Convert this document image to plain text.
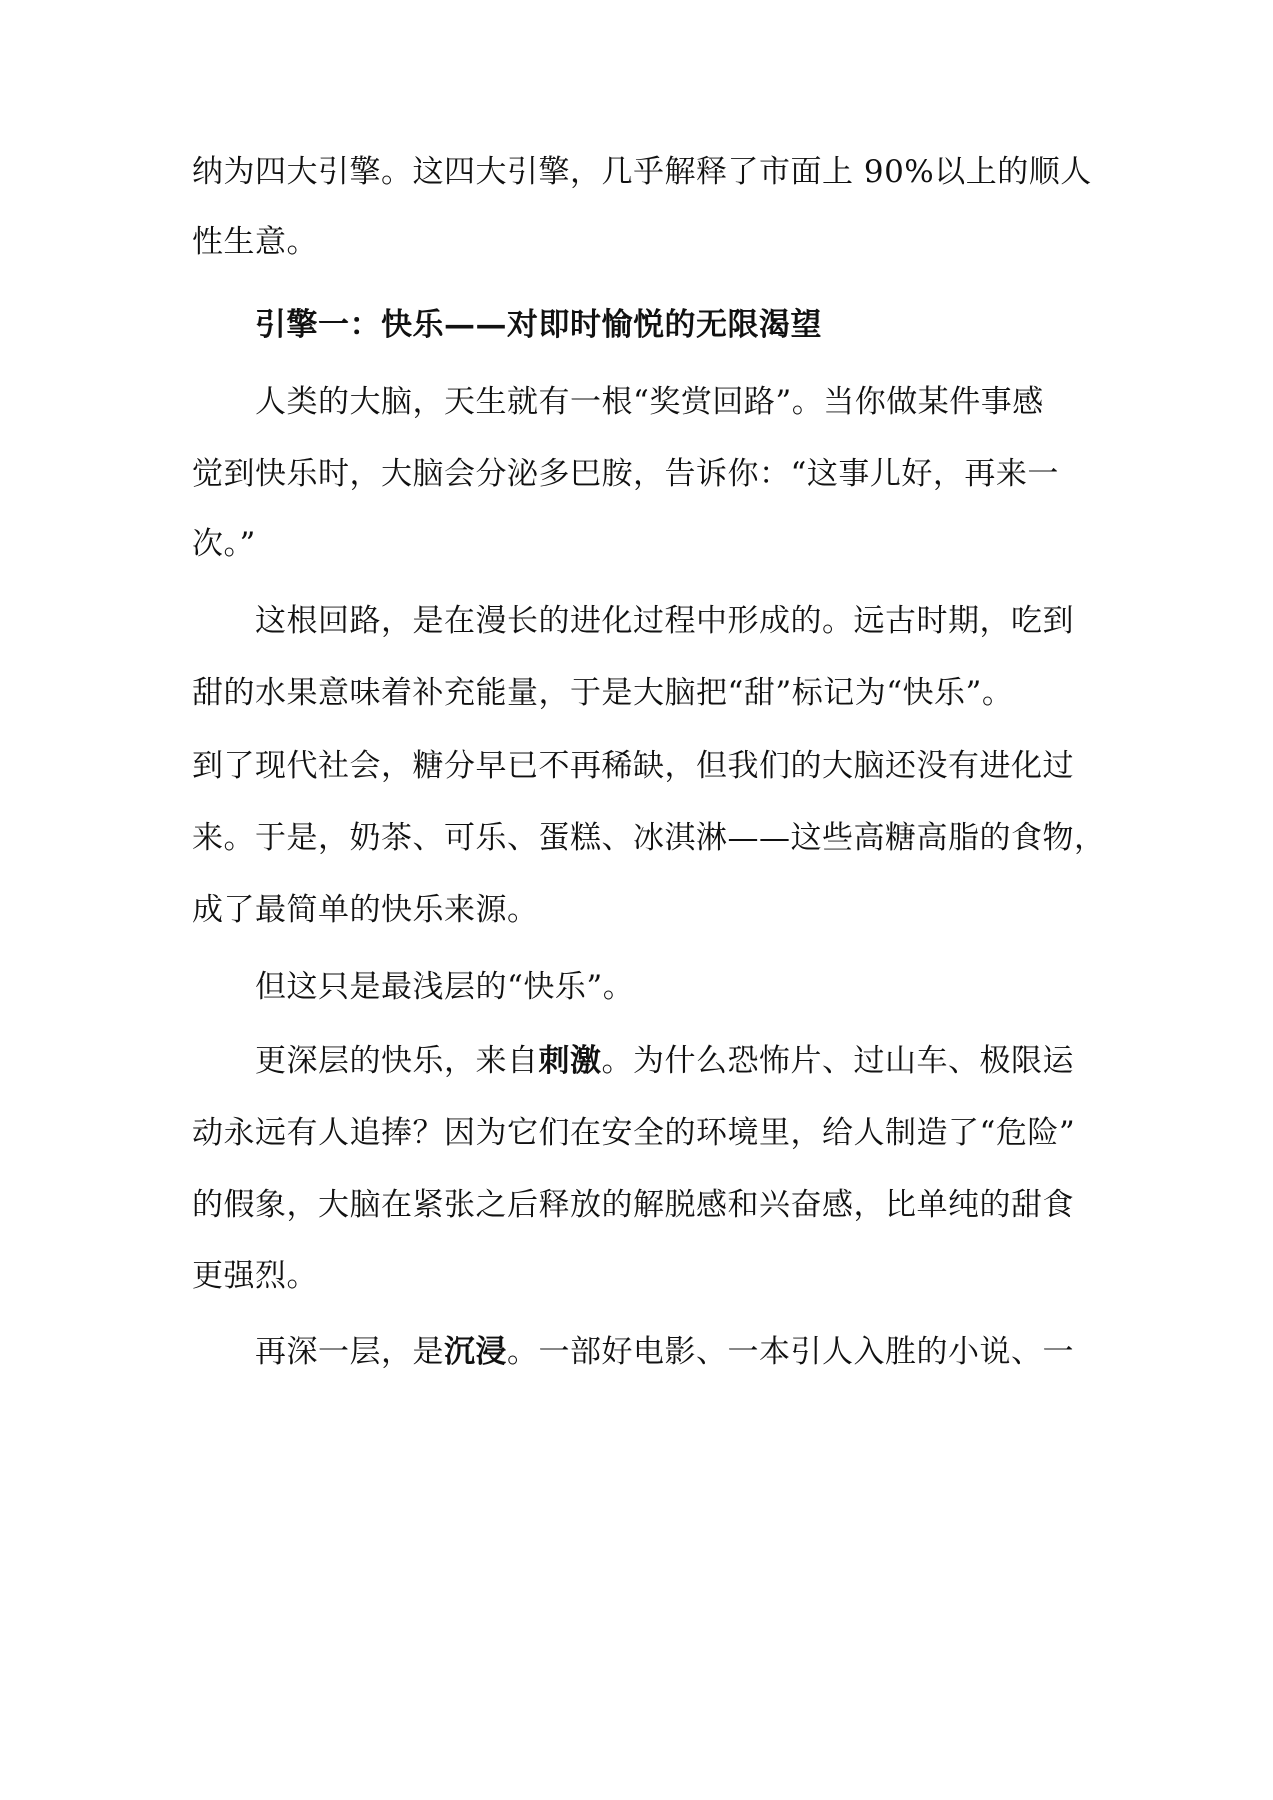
纳为四大引擎。这四大引擎，几乎解释了市面上 90%以上的顺人
性生意。
引擎一：快乐——对即时愉悦的无限渴望
人类的大脑，天生就有一根“奖赏回路”。当你做某件事感
觉到快乐时，大脑会分泌多巴胺，告诉你：“这事儿好，再来一
次。”
这根回路，是在漫长的进化过程中形成的。远古时期，吃到
甜的水果意味着补充能量，于是大脑把“甜”标记为“快乐”。
到了现代社会，糖分早已不再稀缺，但我们的大脑还没有进化过
来。于是，奶茶、可乐、蛋糕、冰淇淋——这些高糖高脂的食物，
成了最简单的快乐来源。
但这只是最浅层的“快乐”。
更深层的快乐，来自刺激。为什么恐怖片、过山车、极限运
动永远有人追捧？因为它们在安全的环境里，给人制造了“危险”
的假象，大脑在紧张之后释放的解脱感和兴奋感，比单纯的甜食
更强烈。
再深一层，是沉浸。一部好电影、一本引人入胜的小说、一
